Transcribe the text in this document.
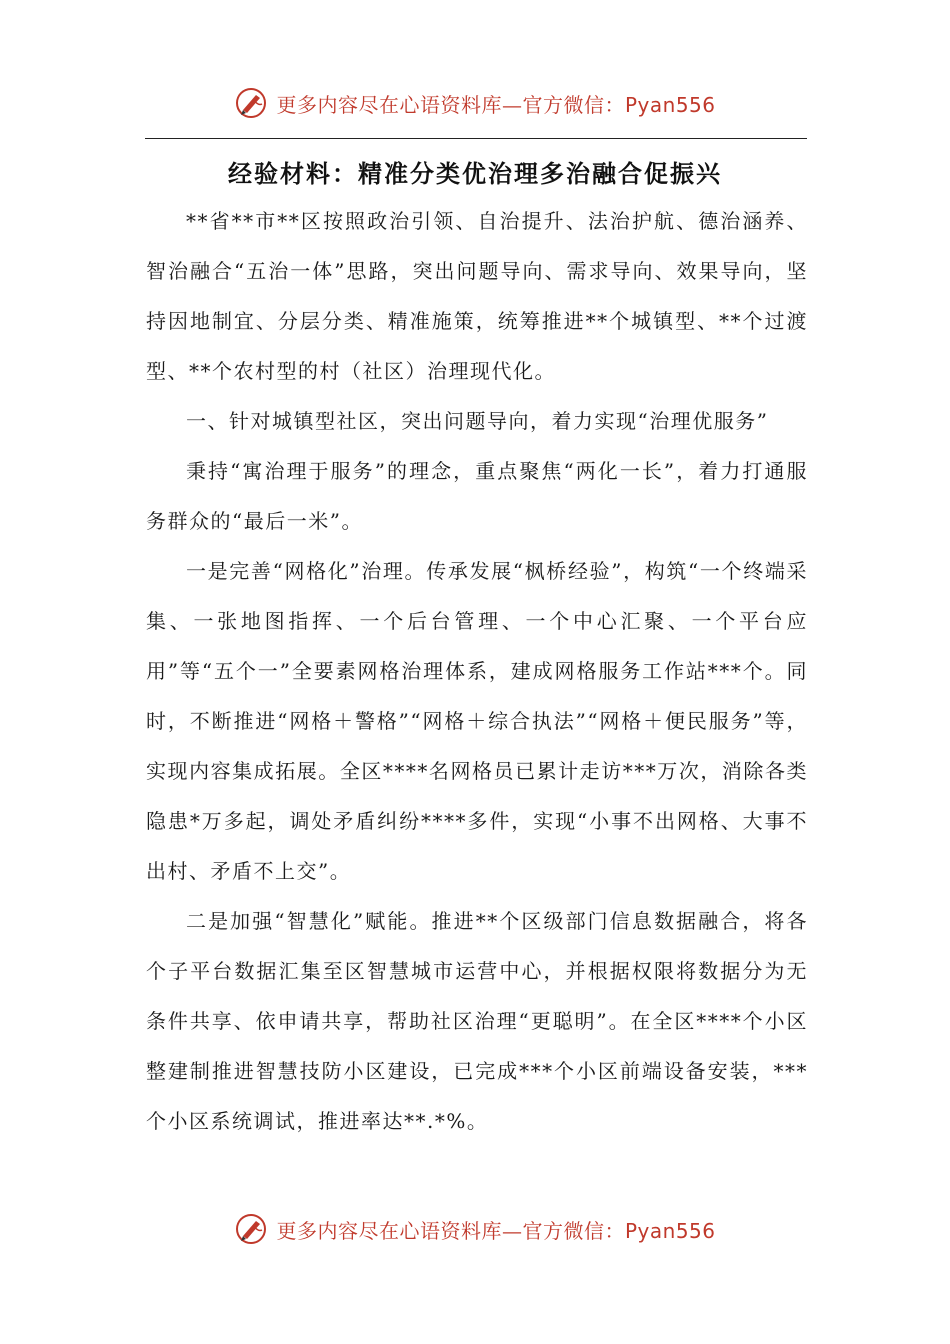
更多内容尽在心语资料库—官方微信：Pyan556
经验材料：精准分类优治理多治融合促振兴

**省**市**区按照政治引领、自治提升、法治护航、德治涵养、智治融合“五治一体”思路，突出问题导向、需求导向、效果导向，坚持因地制宜、分层分类、精准施策，统筹推进**个城镇型、**个过渡型、**个农村型的村（社区）治理现代化。

一、针对城镇型社区，突出问题导向，着力实现“治理优服务”

秉持“寓治理于服务”的理念，重点聚焦“两化一长”，着力打通服务群众的“最后一米”。

一是完善“网格化”治理。传承发展“枫桥经验”，构筑“一个终端采集、一张地图指挥、一个后台管理、一个中心汇聚、一个平台应用”等“五个一”全要素网格治理体系，建成网格服务工作站***个。同时，不断推进“网格＋警格”“网格＋综合执法”“网格＋便民服务”等，实现内容集成拓展。全区****名网格员已累计走访***万次，消除各类隐患*万多起，调处矛盾纠纷****多件，实现“小事不出网格、大事不出村、矛盾不上交”。

二是加强“智慧化”赋能。推进**个区级部门信息数据融合，将各个子平台数据汇集至区智慧城市运营中心，并根据权限将数据分为无条件共享、依申请共享，帮助社区治理“更聪明”。在全区****个小区整建制推进智慧技防小区建设，已完成***个小区前端设备安装，***个小区系统调试，推进率达**.*%。

更多内容尽在心语资料库—官方微信：Pyan556
